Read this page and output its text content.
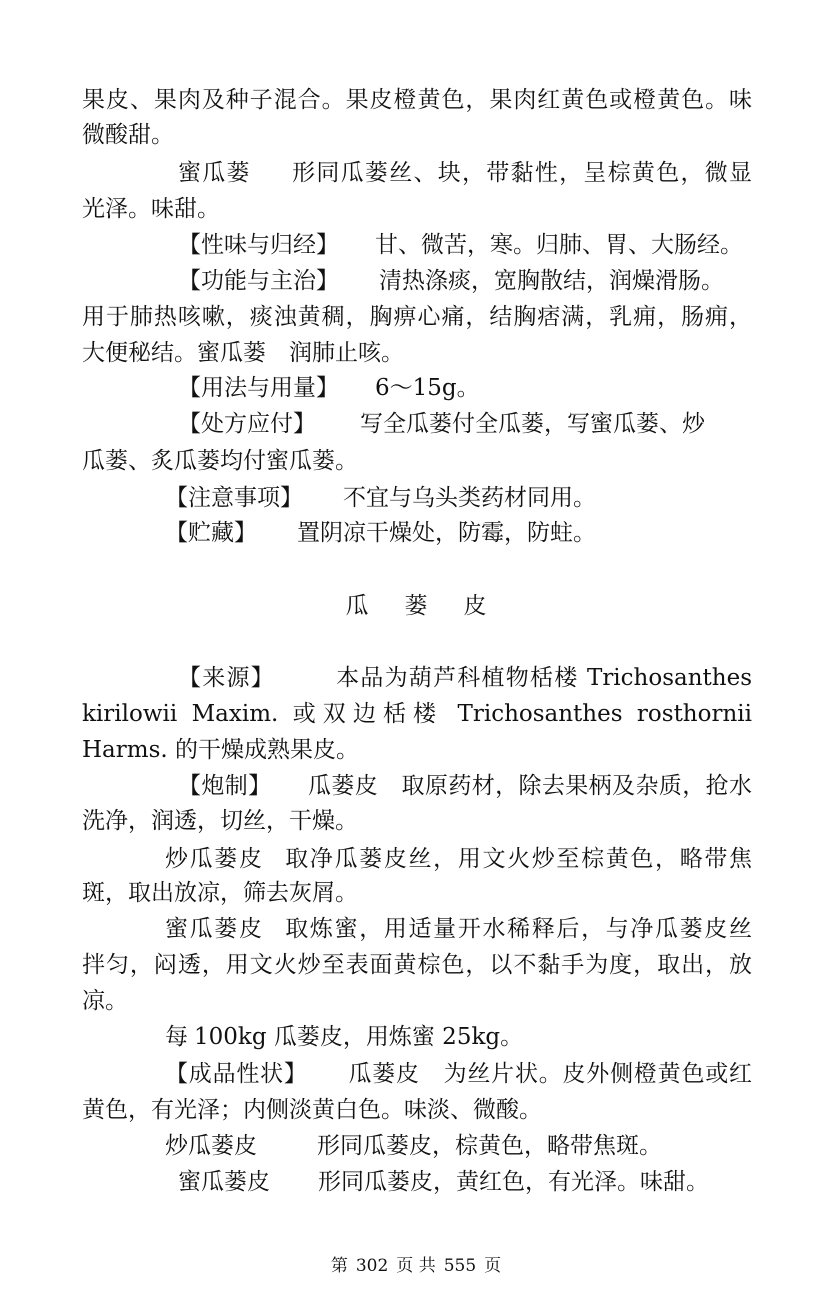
果皮、果肉及种子混合。果皮橙黄色，果肉红黄色或橙黄色。味
微酸甜。
蜜瓜蒌 形同瓜蒌丝、块，带黏性，呈棕黄色，微显
光泽。味甜。
【性味与归经】 甘、微苦，寒。归肺、胃、大肠经。
【功能与主治】 清热涤痰，宽胸散结，润燥滑肠。
用于肺热咳嗽，痰浊黄稠，胸痹心痛，结胸痞满，乳痈，肠痈，
大便秘结。蜜瓜蒌　润肺止咳。
【用法与用量】 6～15g。
【处方应付】 写全瓜蒌付全瓜蒌，写蜜瓜蒌、炒
瓜蒌、炙瓜蒌均付蜜瓜蒌。
【注意事项】 不宜与乌头类药材同用。
【贮藏】 置阴凉干燥处，防霉，防蛀。
瓜蒌皮
【来源】	本品为葫芦科植物栝楼 Trichosanthes
kirilowii Maxim. 或双边栝楼 Trichosanthes rosthornii
Harms. 的干燥成熟果皮。
【炮制】 瓜蒌皮　取原药材，除去果柄及杂质，抢水
洗净，润透，切丝，干燥。
炒瓜蒌皮 取净瓜蒌皮丝，用文火炒至棕黄色，略带焦
斑，取出放凉，筛去灰屑。
蜜瓜蒌皮 取炼蜜，用适量开水稀释后，与净瓜蒌皮丝
拌匀，闷透，用文火炒至表面黄棕色，以不黏手为度，取出，放
凉。
每 100kg 瓜蒌皮，用炼蜜 25kg。
【成品性状】 瓜蒌皮　为丝片状。皮外侧橙黄色或红
黄色，有光泽；内侧淡黄白色。味淡、微酸。
炒瓜蒌皮	形同瓜蒌皮，棕黄色，略带焦斑。
蜜瓜蒌皮 形同瓜蒌皮，黄红色，有光泽。味甜。
第 302 页 共 555 页
